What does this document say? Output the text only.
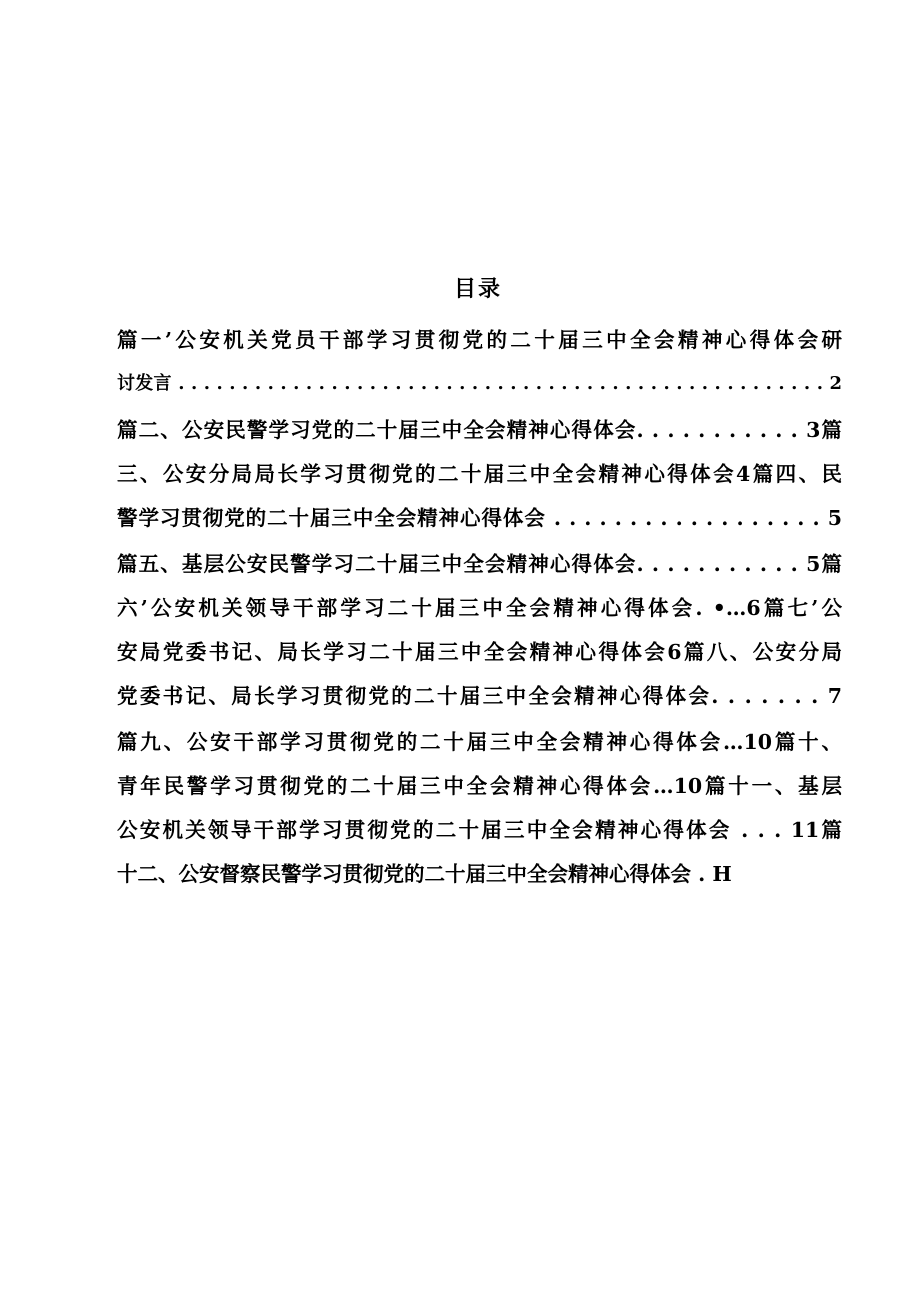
目录
篇一’公安机关党员干部学习贯彻党的二十届三中全会精神心得体会研
讨发言 . . . . . . . . . . . . . . . . . . . . . . . . . . . . . . . . . . . . . . . . . . . . . . . . . . . 2
篇二、公安民警学习党的二十届三中全会精神心得体会. . . . . . . . . . . 3篇
三、公安分局局长学习贯彻党的二十届三中全会精神心得体会4篇四、民
警学习贯彻党的二十届三中全会精神心得体会 . . . . . . . . . . . . . . . . . . 5
篇五、基层公安民警学习二十届三中全会精神心得体会. . . . . . . . . . . 5篇
六’公安机关领导干部学习二十届三中全会精神心得体会. •…6篇七’公
安局党委书记、局长学习二十届三中全会精神心得体会6篇八、公安分局
党委书记、局长学习贯彻党的二十届三中全会精神心得体会. . . . . . . 7
篇九、公安干部学习贯彻党的二十届三中全会精神心得体会…10篇十、
青年民警学习贯彻党的二十届三中全会精神心得体会…10篇十一、基层
公安机关领导干部学习贯彻党的二十届三中全会精神心得体会 . . . 11篇
十二、公安督察民警学习贯彻党的二十届三中全会精神心得体会 . H
